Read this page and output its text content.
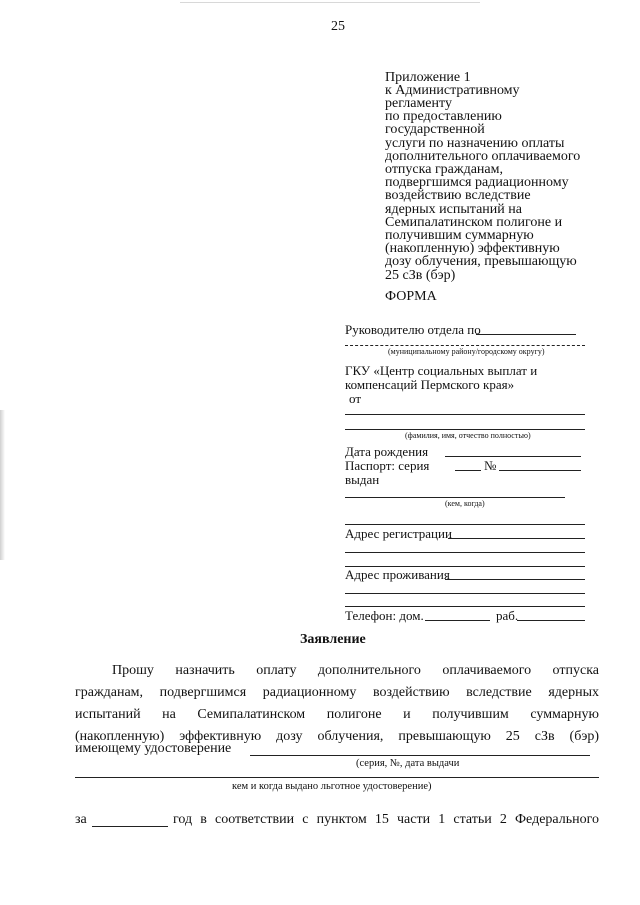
25
Приложение 1
к Административному
регламенту
по предоставлению
государственной
услуги по назначению оплаты
дополнительного оплачиваемого
отпуска гражданам,
подвергшимся радиационному
воздействию вследствие
ядерных испытаний на
Семипалатинском полигоне и
получившим суммарную
(накопленную) эффективную
дозу облучения, превышающую
25 сЗв (бэр)
ФОРМА
Руководителю отдела по
(муниципальному району/городскому округу)
ГКУ «Центр социальных выплат и
компенсаций Пермского края»
от
(фамилия, имя, отчество полностью)
Дата рождения
Паспорт: серия	№
выдан
(кем, когда)
Адрес регистрации
Адрес проживания
Телефон: дом.	раб.
Заявление
Прошу назначить оплату дополнительного оплачиваемого отпуска
гражданам, подвергшимся радиационному воздействию вследствие ядерных
испытаний на Семипалатинском полигоне и получившим суммарную
(накопленную) эффективную дозу облучения, превышающую 25 сЗв (бэр)
имеющему удостоверение
(серия, №, дата выдачи
кем и когда выдано льготное удостоверение)
за	год в соответствии с пунктом 15 части 1 статьи 2 Федерального
